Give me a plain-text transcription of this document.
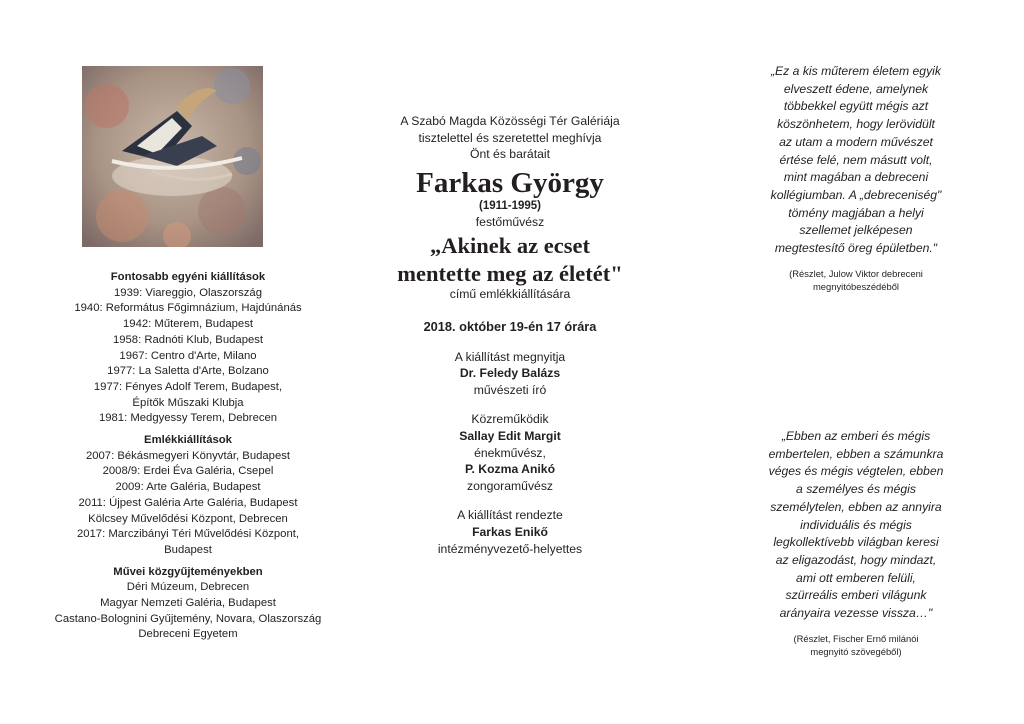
Fontosabb egyéni kiállítások
1939: Viareggio, Olaszország
1940: Református Főgimnázium, Hajdúnánás
1942: Műterem, Budapest
1958: Radnóti Klub, Budapest
1967: Centro d'Arte, Milano
1977: La Saletta d'Arte, Bolzano
1977: Fényes Adolf Terem, Budapest,
Építők Műszaki Klubja
1981: Medgyessy Terem, Debrecen
Emlékkiállítások
2007: Békásmegyeri Könyvtár, Budapest
2008/9: Erdei Éva Galéria, Csepel
2009: Arte Galéria, Budapest
2011: Újpest Galéria Arte Galéria, Budapest
Kölcsey Művelődési Központ, Debrecen
2017: Marczibányi Téri Művelődési Központ,
Budapest
Művei közgyűjteményekben
Déri Múzeum, Debrecen
Magyar Nemzeti Galéria, Budapest
Castano-Bolognini Gyűjtemény, Novara, Olaszország
Debreceni Egyetem
A Szabó Magda Közösségi Tér Galériája
tisztelettel és szeretettel meghívja
Önt és barátait
Farkas György
(1911-1995)
festőművész
„Akinek az ecset
mentette meg az életét"
című emlékkiállítására
2018. október 19-én 17 órára
A kiállítást megnyitja
Dr. Feledy Balázs
művészeti író
Közreműködik
Sallay Edit Margit
énekművész,
P. Kozma Anikó
zongoraművész
A kiállítást rendezte
Farkas Enikő
intézményvezető-helyettes
„Ez a kis műterem életem egyik
elveszett édene, amelynek
többekkel együtt mégis azt
köszönhetem, hogy lerövidült
az utam a modern művészet
értése felé, nem másutt volt,
mint magában a debreceni
kollégiumban. A „debreceniség"
tömény magjában a helyi
szellemet jelképesen
megtestesítő öreg épületben."
(Részlet, Julow Viktor debreceni
megnyitóbeszédéből
„Ebben az emberi és mégis
embertelen, ebben a számunkra
véges és mégis végtelen, ebben
a személyes és mégis
személytelen, ebben az annyira
individuális és mégis
legkollektívebb világban keresi
az eligazodást, hogy mindazt,
ami ott emberen felüli,
szürreális emberi világunk
arányaira vezesse vissza…"
(Részlet, Fischer Ernő milánói
megnyitó szövegéből)
